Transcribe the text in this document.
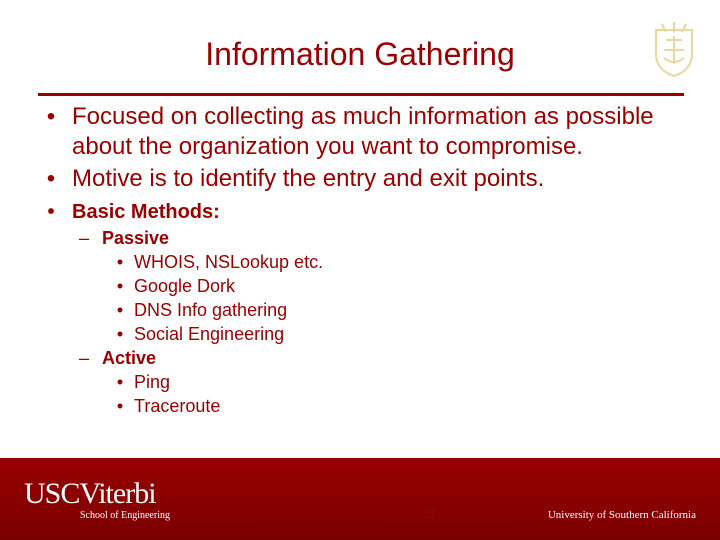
Information Gathering
• Focused on collecting as much information as possible about the organization you want to compromise.
• Motive is to identify the entry and exit points.
• Basic Methods:
– Passive
• WHOIS, NSLookup etc.
• Google Dork
• DNS Info gathering
• Social Engineering
– Active
• Ping
• Traceroute
USCViterbi
School of Engineering	11	University of Southern California
